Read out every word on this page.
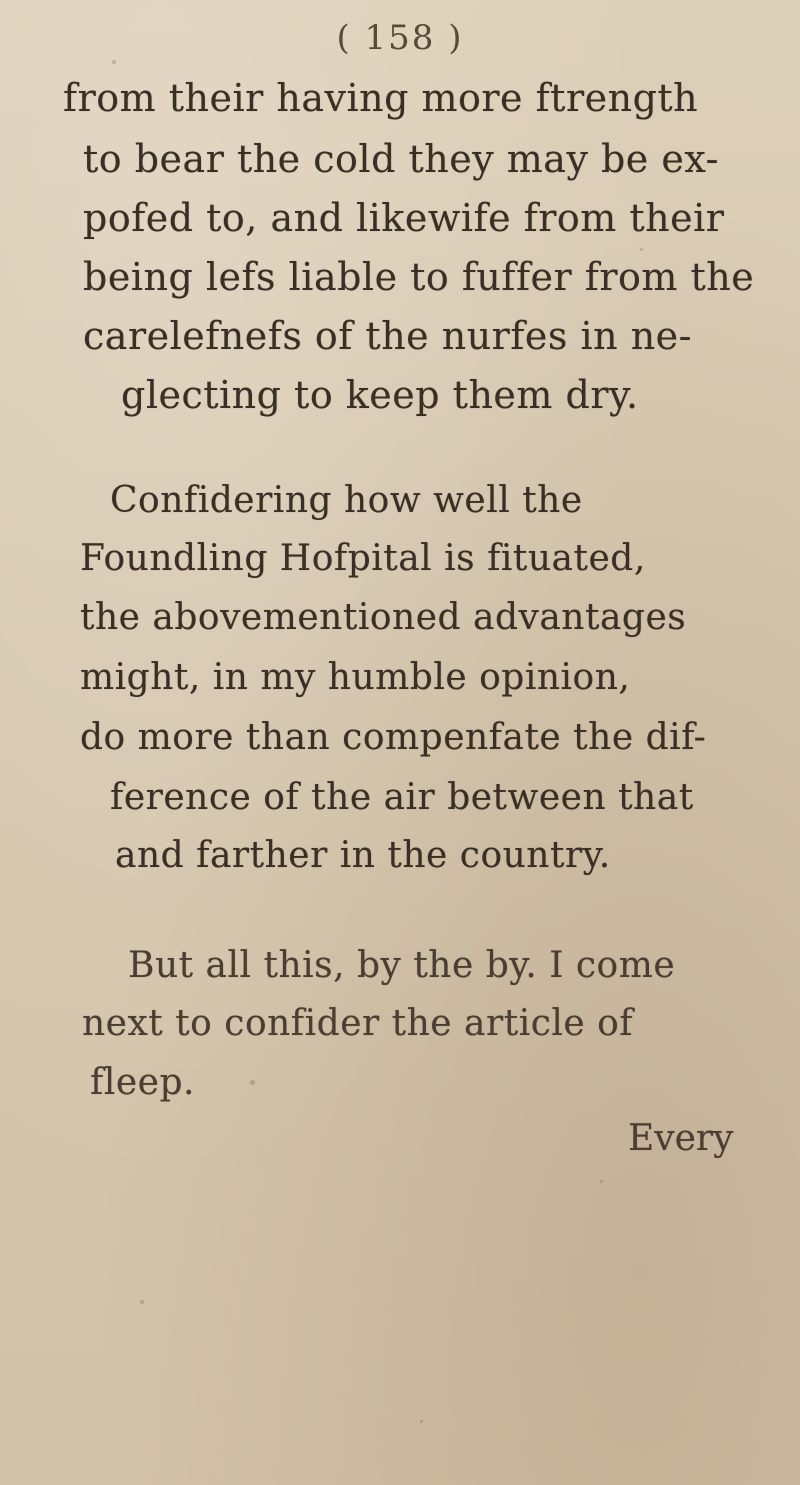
( 158 )
from their having more ftrength
to bear the cold they may be ex-
pofed to, and likewife from their
being lefs liable to fuffer from the
carelefnefs of the nurfes in ne-
glecting to keep them dry.
Confidering how well the
Foundling Hofpital is fituated,
the abovementioned advantages
might, in my humble opinion,
do more than compenfate the dif-
ference of the air between that
and farther in the country.
But all this, by the by. I come
next to confider the article of
fleep.
Every
